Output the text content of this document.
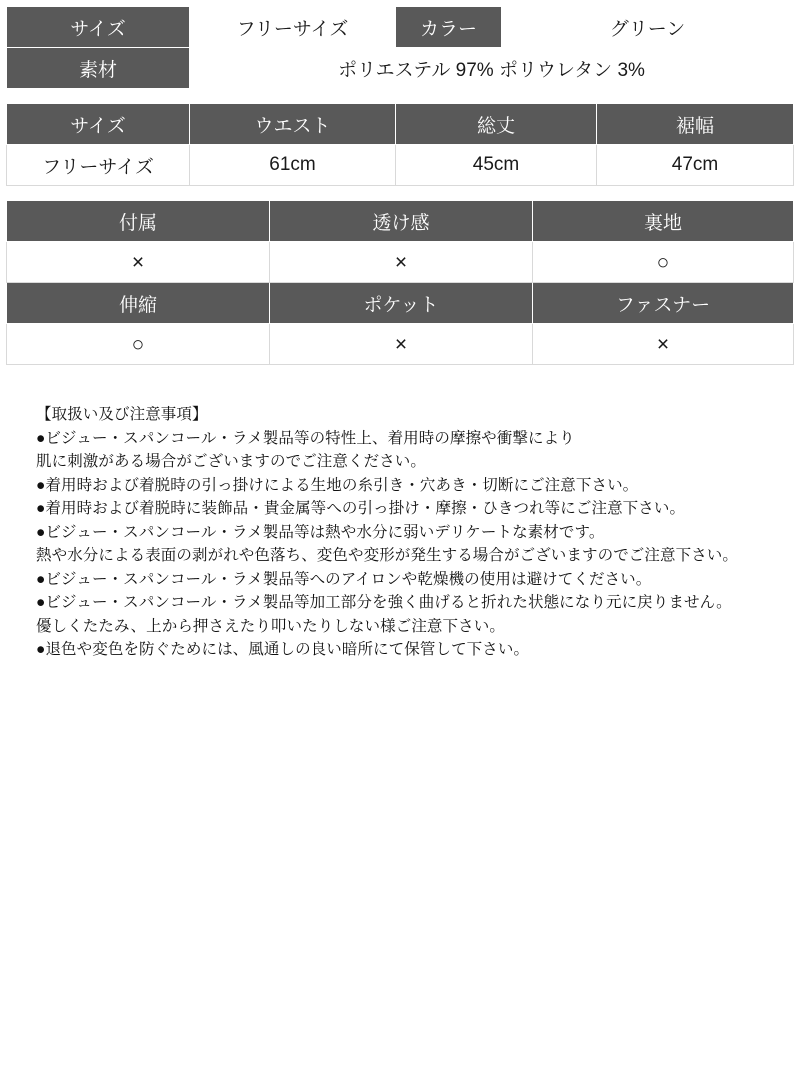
サイズ	フリーサイズ	カラー	グリーン
素材	ポリエステル 97% ポリウレタン 3%		
サイズ	ウエスト	総丈	裾幅
フリーサイズ	61cm	45cm	47cm
付属	透け感	裏地
×	×	○
伸縮	ポケット	ファスナー
○	×	×

【取扱い及び注意事項】

●ビジュー・スパンコール・ラメ製品等の特性上、着用時の摩擦や衝撃により

肌に刺激がある場合がございますのでご注意ください。

●着用時および着脱時の引っ掛けによる生地の糸引き・穴あき・切断にご注意下さい。

●着用時および着脱時に装飾品・貴金属等への引っ掛け・摩擦・ひきつれ等にご注意下さい。

●ビジュー・スパンコール・ラメ製品等は熱や水分に弱いデリケートな素材です。

熱や水分による表面の剥がれや色落ち、変色や変形が発生する場合がございますのでご注意下さい。

●ビジュー・スパンコール・ラメ製品等へのアイロンや乾燥機の使用は避けてください。

●ビジュー・スパンコール・ラメ製品等加工部分を強く曲げると折れた状態になり元に戻りません。

優しくたたみ、上から押さえたり叩いたりしない様ご注意下さい。

●退色や変色を防ぐためには、風通しの良い暗所にて保管して下さい。
